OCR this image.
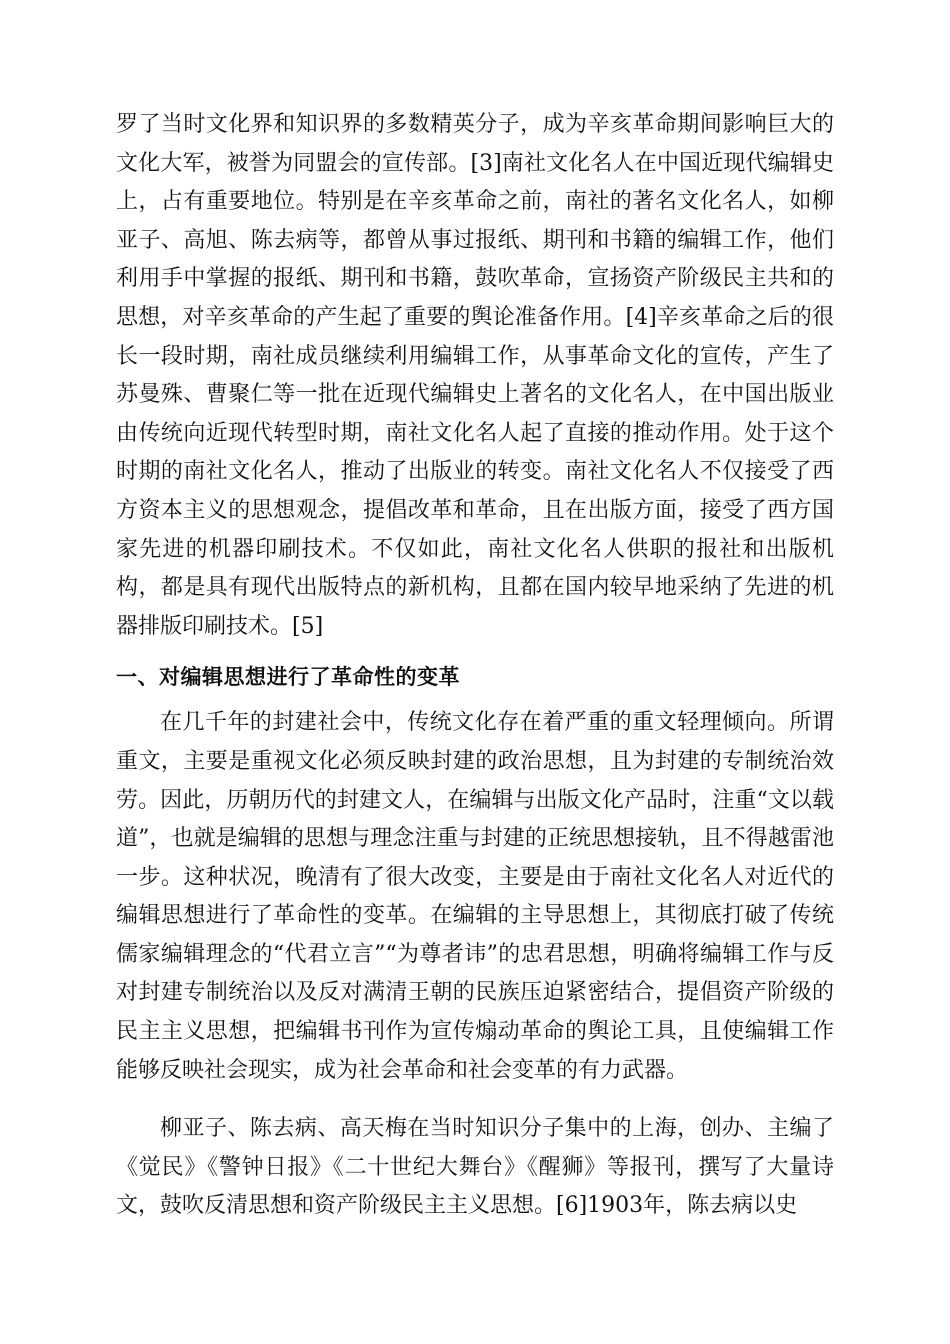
罗了当时文化界和知识界的多数精英分子，成为辛亥革命期间影响巨大的文化大军，被誉为同盟会的宣传部。[3]南社文化名人在中国近现代编辑史上，占有重要地位。特别是在辛亥革命之前，南社的著名文化名人，如柳亚子、高旭、陈去病等，都曾从事过报纸、期刊和书籍的编辑工作，他们利用手中掌握的报纸、期刊和书籍，鼓吹革命，宣扬资产阶级民主共和的思想，对辛亥革命的产生起了重要的舆论准备作用。[4]辛亥革命之后的很长一段时期，南社成员继续利用编辑工作，从事革命文化的宣传，产生了苏曼殊、曹聚仁等一批在近现代编辑史上著名的文化名人，在中国出版业由传统向近现代转型时期，南社文化名人起了直接的推动作用。处于这个时期的南社文化名人，推动了出版业的转变。南社文化名人不仅接受了西方资本主义的思想观念，提倡改革和革命，且在出版方面，接受了西方国家先进的机器印刷技术。不仅如此，南社文化名人供职的报社和出版机构，都是具有现代出版特点的新机构，且都在国内较早地采纳了先进的机器排版印刷技术。[5]

一、对编辑思想进行了革命性的变革

在几千年的封建社会中，传统文化存在着严重的重文轻理倾向。所谓重文，主要是重视文化必须反映封建的政治思想，且为封建的专制统治效劳。因此，历朝历代的封建文人，在编辑与出版文化产品时，注重“文以载道”，也就是编辑的思想与理念注重与封建的正统思想接轨，且不得越雷池一步。这种状况，晚清有了很大改变，主要是由于南社文化名人对近代的编辑思想进行了革命性的变革。在编辑的主导思想上，其彻底打破了传统儒家编辑理念的“代君立言”“为尊者讳”的忠君思想，明确将编辑工作与反对封建专制统治以及反对满清王朝的民族压迫紧密结合，提倡资产阶级的民主主义思想，把编辑书刊作为宣传煽动革命的舆论工具，且使编辑工作能够反映社会现实，成为社会革命和社会变革的有力武器。

柳亚子、陈去病、高天梅在当时知识分子集中的上海，创办、主编了《觉民》《警钟日报》《二十世纪大舞台》《醒狮》等报刊，撰写了大量诗文，鼓吹反清思想和资产阶级民主主义思想。[6]1903年，陈去病以史
